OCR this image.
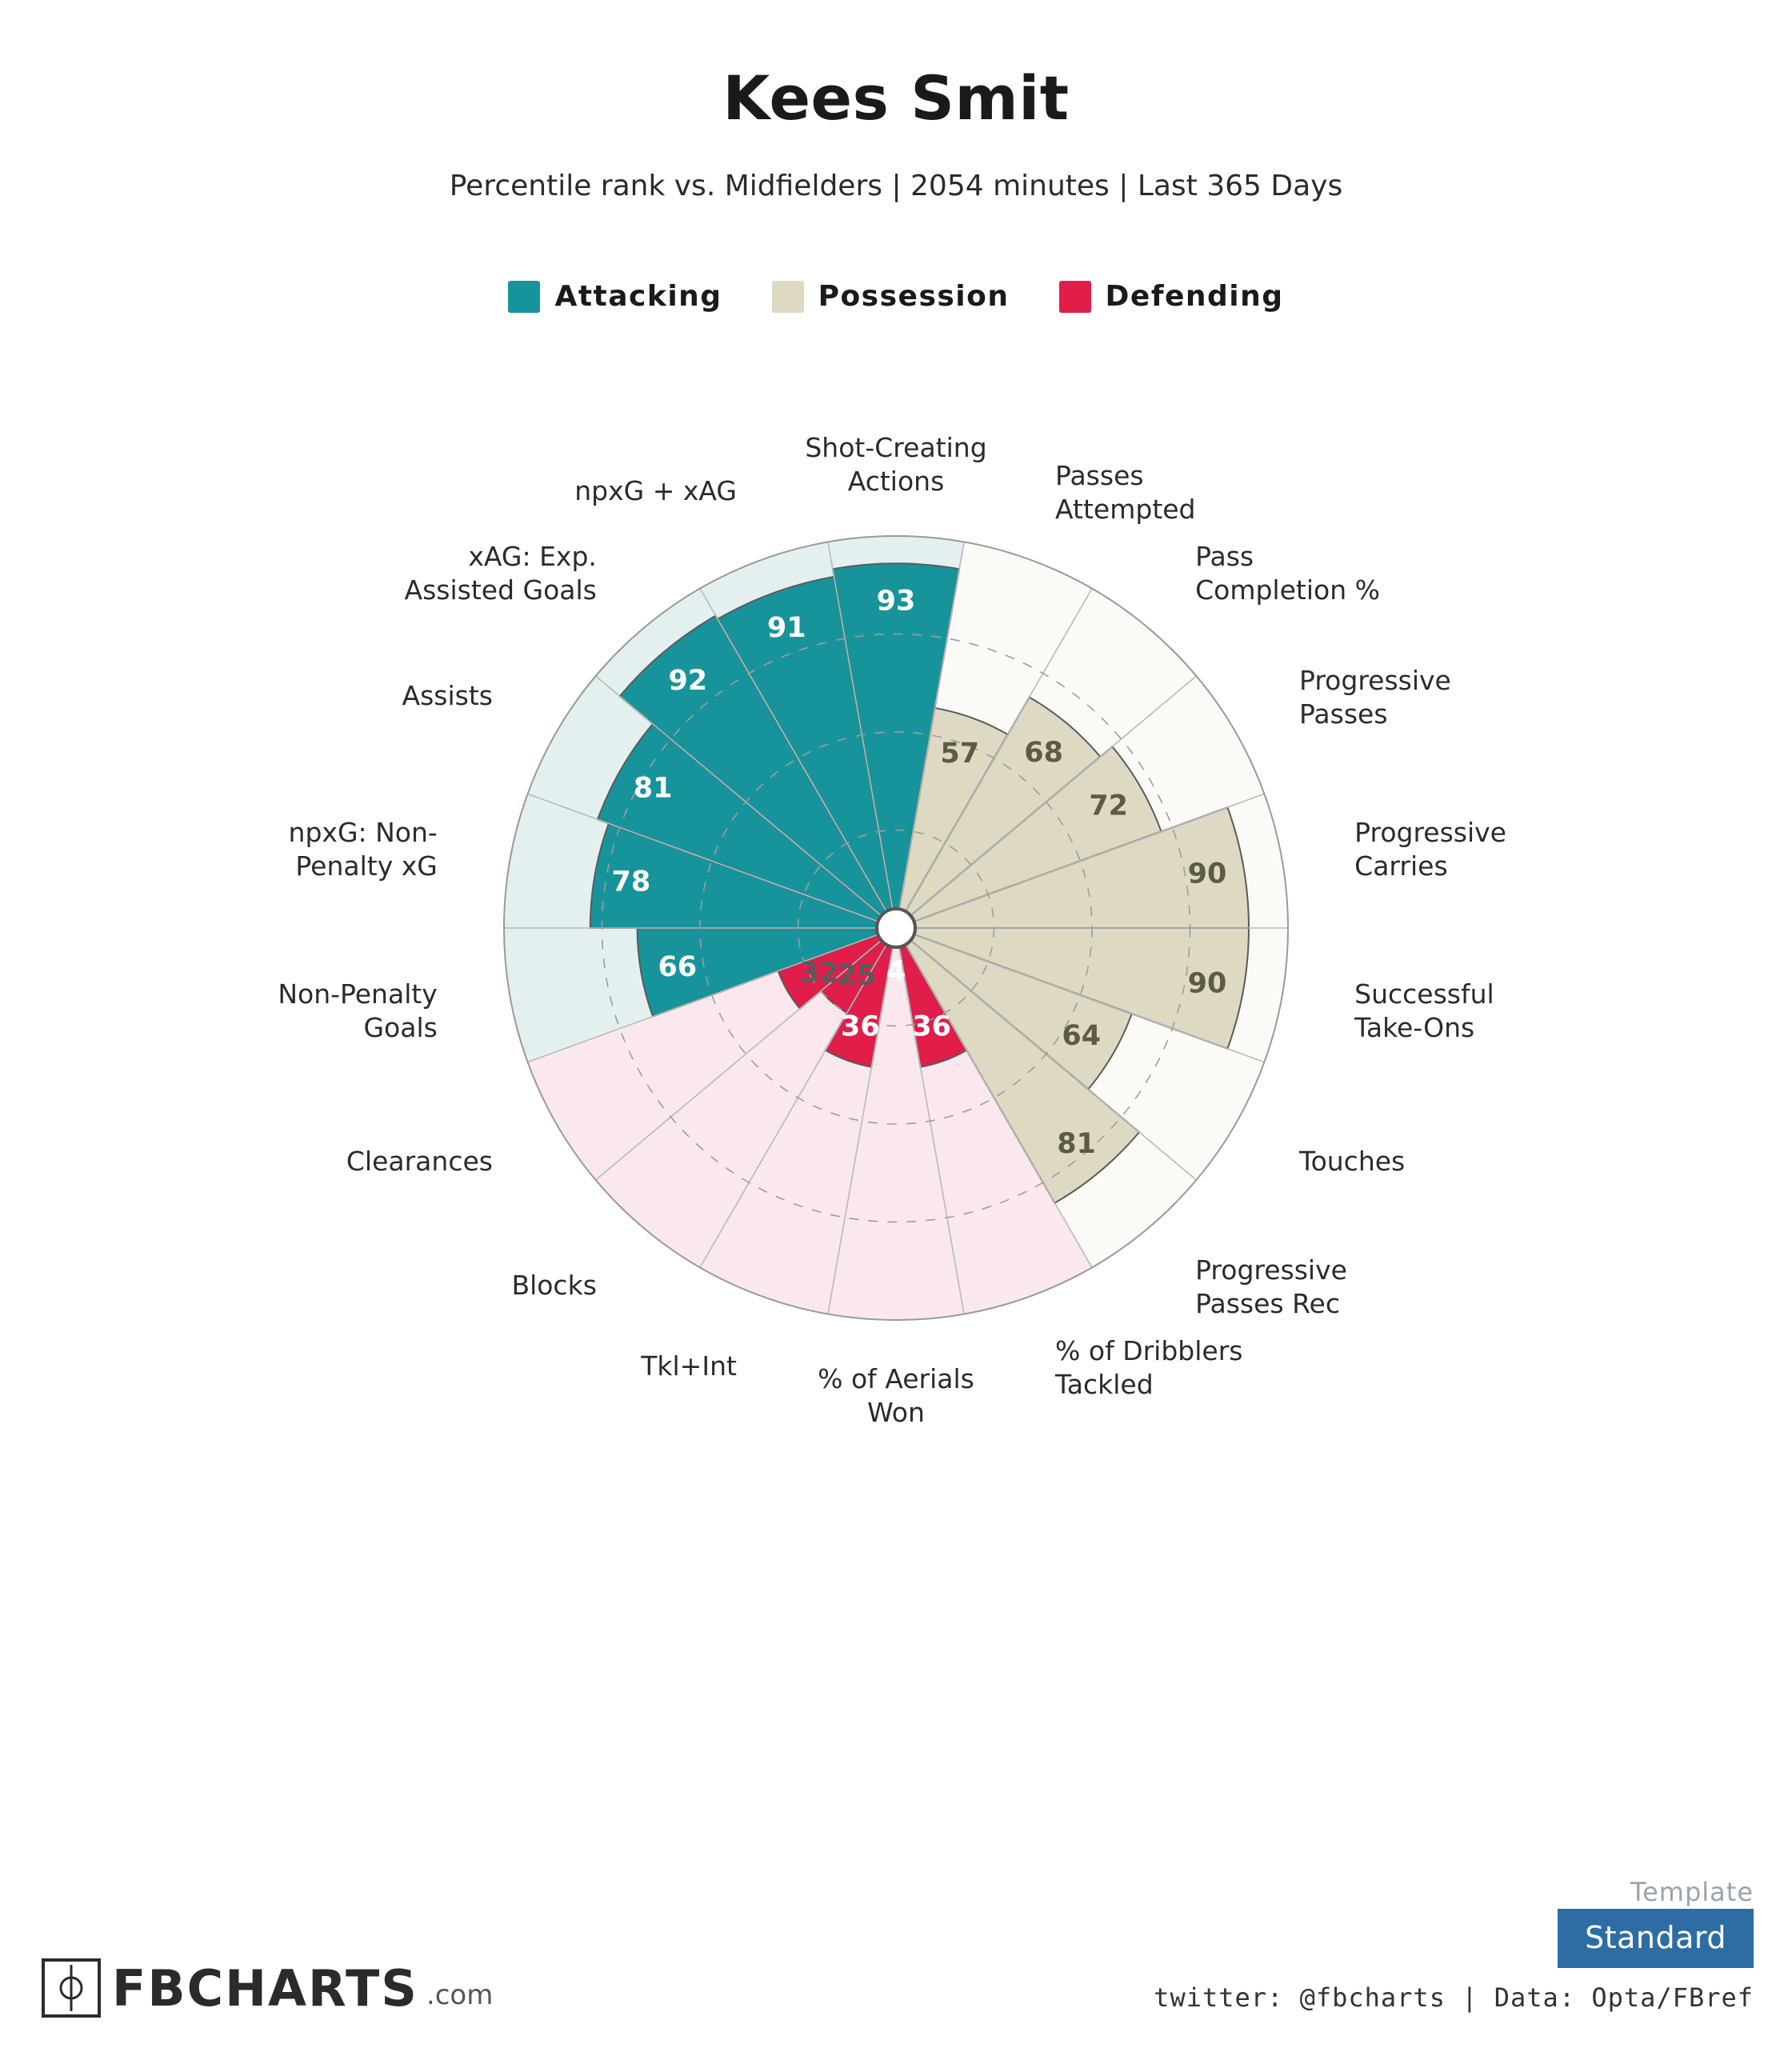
Kees Smit
Percentile rank vs. Midfielders | 2054 minutes | Last 365 Days
Attacking	Possession	Defending
93
57 68
72
90
90
64
81
36
4
36
25
32
66
78
81
92
91
Shot-Creating Actions	Passes Attempted
Pass Completion %
Progressive Passes
Progressive Carries
Successful Take-Ons
Touches
Progressive Passes Rec
% of Dribblers Tackled
% of Aerials Won
Tkl+Int
Blocks
Clearances
Non-Penalty Goals
npxG: Non-Penalty xG
Assists
xAG: Exp. Assisted Goals
npxG + xAG
FBCHARTS .com
Template
Standard
twitter: @fbcharts | Data: Opta/FBref
